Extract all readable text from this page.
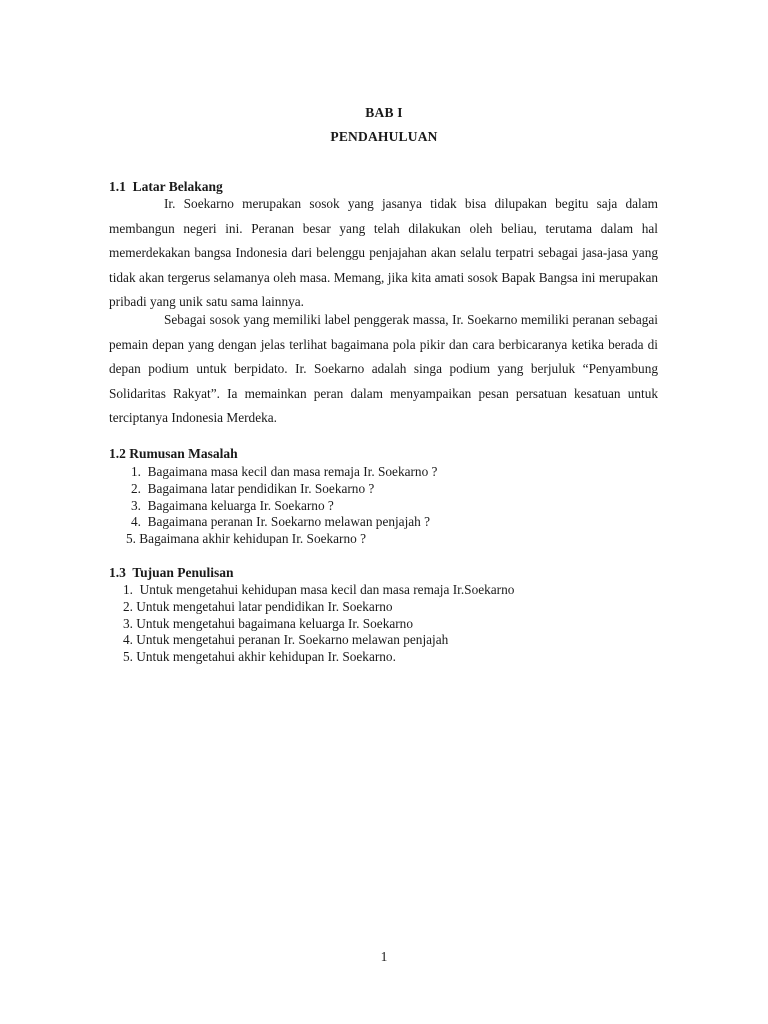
BAB I
PENDAHULUAN
1.1  Latar Belakang

Ir. Soekarno merupakan sosok yang jasanya tidak bisa dilupakan begitu saja dalam membangun negeri ini. Peranan besar yang telah dilakukan oleh beliau, terutama dalam hal memerdekakan bangsa Indonesia dari belenggu penjajahan akan selalu terpatri sebagai jasa-jasa yang tidak akan tergerus selamanya oleh masa. Memang, jika kita amati sosok Bapak Bangsa ini merupakan pribadi yang unik satu sama lainnya.

Sebagai sosok yang memiliki label penggerak massa, Ir. Soekarno memiliki peranan sebagai pemain depan yang dengan jelas terlihat bagaimana pola pikir dan cara berbicaranya ketika berada di depan podium untuk berpidato. Ir. Soekarno adalah singa podium yang berjuluk “Penyambung Solidaritas Rakyat”. Ia memainkan peran dalam menyampaikan pesan persatuan kesatuan untuk terciptanya Indonesia Merdeka.

1.2 Rumusan Masalah
1.  Bagaimana masa kecil dan masa remaja Ir. Soekarno ?
2.  Bagaimana latar pendidikan Ir. Soekarno ?
3.  Bagaimana keluarga Ir. Soekarno ?
4.  Bagaimana peranan Ir. Soekarno melawan penjajah ?
5. Bagaimana akhir kehidupan Ir. Soekarno ?
1.3  Tujuan Penulisan
1.  Untuk mengetahui kehidupan masa kecil dan masa remaja Ir.Soekarno
2. Untuk mengetahui latar pendidikan Ir. Soekarno
3. Untuk mengetahui bagaimana keluarga Ir. Soekarno
4. Untuk mengetahui peranan Ir. Soekarno melawan penjajah
5. Untuk mengetahui akhir kehidupan Ir. Soekarno.
1
